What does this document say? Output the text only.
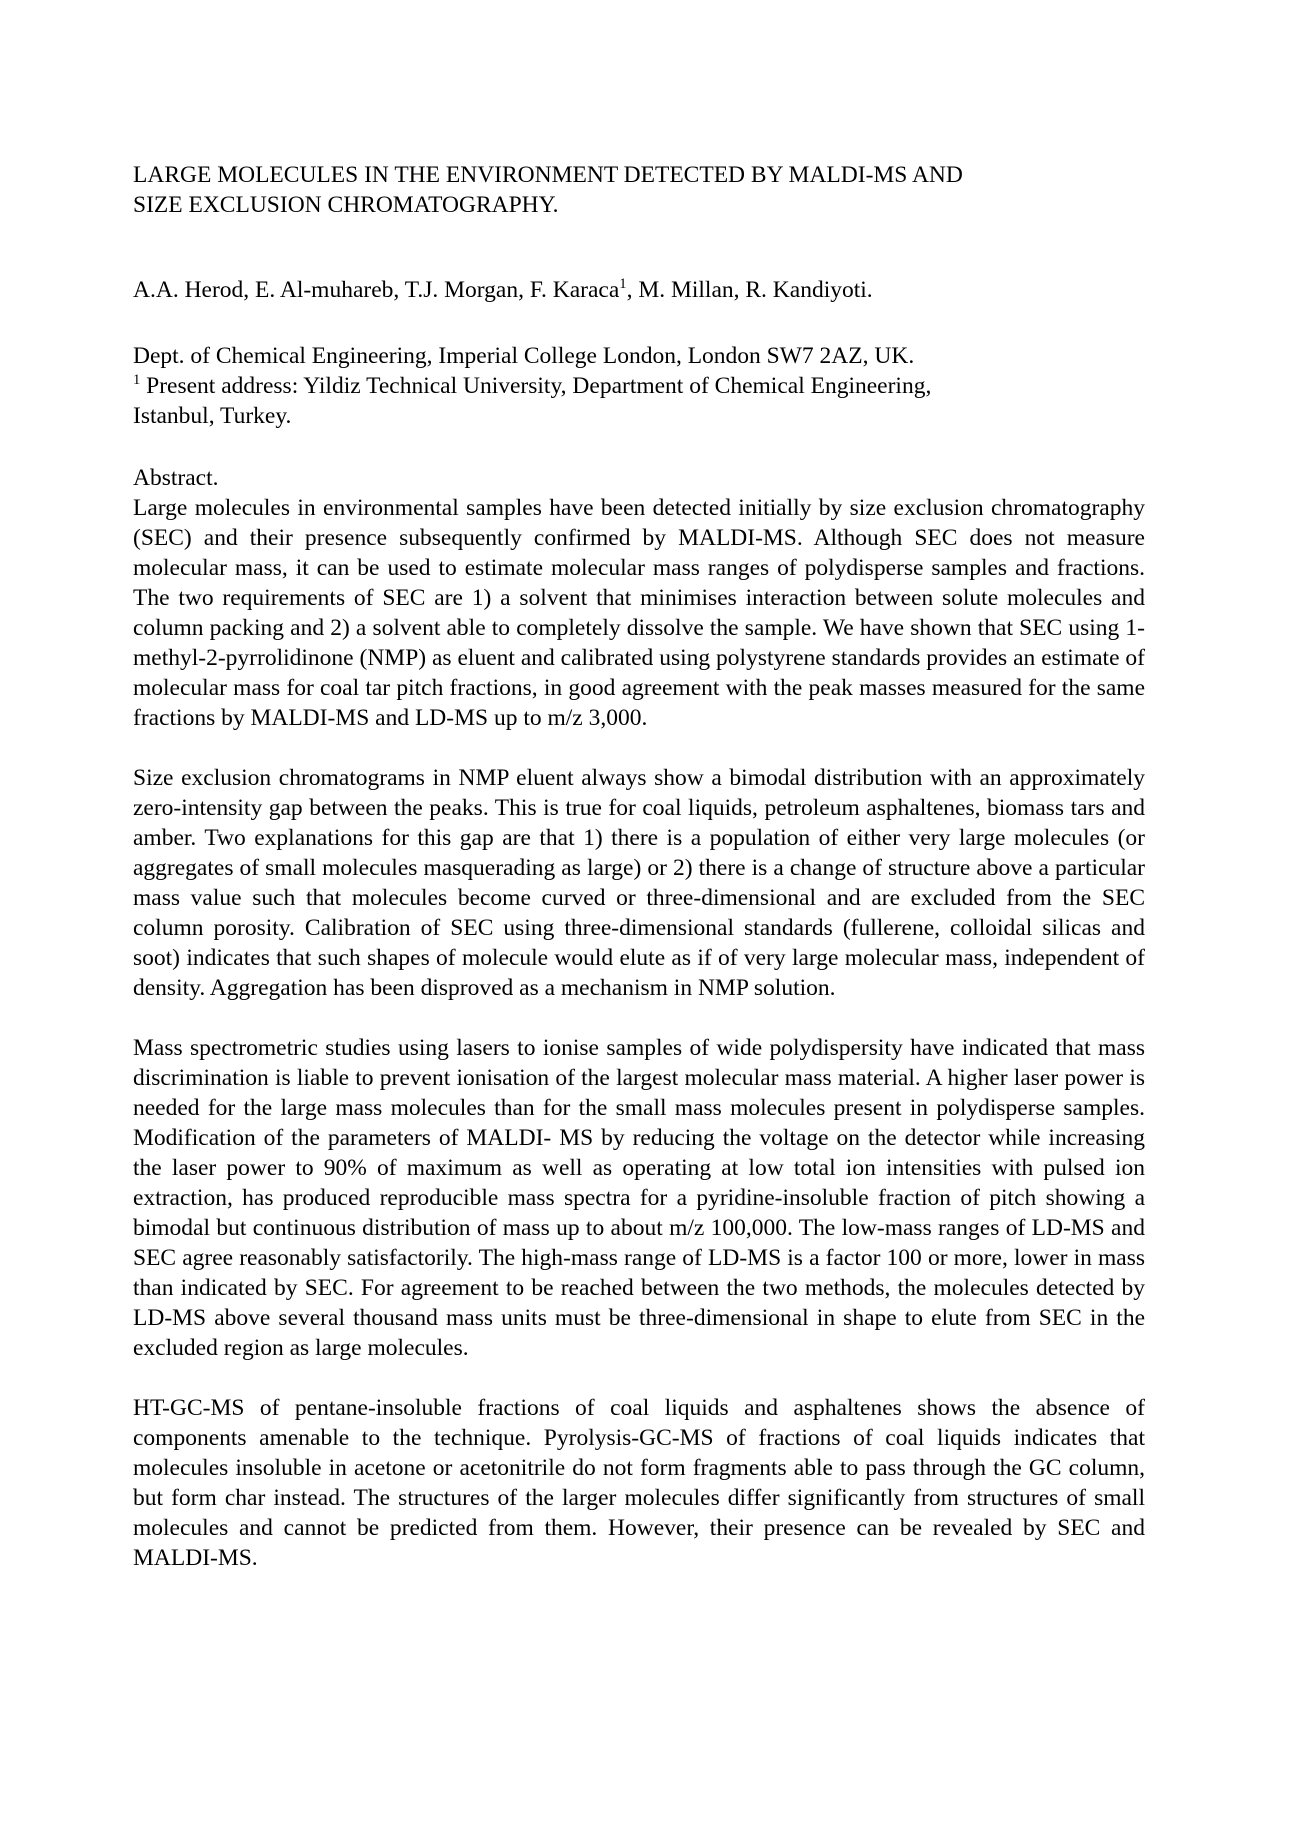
LARGE MOLECULES IN THE ENVIRONMENT DETECTED BY MALDI-MS AND
SIZE EXCLUSION CHROMATOGRAPHY.
A.A. Herod, E. Al-muhareb, T.J. Morgan, F. Karaca$^1$, M. Millan, R. Kandiyoti.
Dept. of Chemical Engineering, Imperial College London, London SW7 2AZ, UK.
$^1$ Present address: Yildiz Technical University, Department of Chemical Engineering,
Istanbul, Turkey.
Abstract.

Large molecules in environmental samples have been detected initially by size exclusion chromatography (SEC) and their presence subsequently confirmed by MALDI-MS. Although SEC does not measure molecular mass, it can be used to estimate molecular mass ranges of polydisperse samples and fractions. The two requirements of SEC are 1) a solvent that minimises interaction between solute molecules and column packing and 2) a solvent able to completely dissolve the sample. We have shown that SEC using 1-methyl-2-pyrrolidinone (NMP) as eluent and calibrated using polystyrene standards provides an estimate of molecular mass for coal tar pitch fractions, in good agreement with the peak masses measured for the same fractions by MALDI-MS and LD-MS up to m/z 3,000.

Size exclusion chromatograms in NMP eluent always show a bimodal distribution with an approximately zero-intensity gap between the peaks. This is true for coal liquids, petroleum asphaltenes, biomass tars and amber. Two explanations for this gap are that 1) there is a population of either very large molecules (or aggregates of small molecules masquerading as large) or 2) there is a change of structure above a particular mass value such that molecules become curved or three-dimensional and are excluded from the SEC column porosity. Calibration of SEC using three-dimensional standards (fullerene, colloidal silicas and soot) indicates that such shapes of molecule would elute as if of very large molecular mass, independent of density. Aggregation has been disproved as a mechanism in NMP solution.

Mass spectrometric studies using lasers to ionise samples of wide polydispersity have indicated that mass discrimination is liable to prevent ionisation of the largest molecular mass material. A higher laser power is needed for the large mass molecules than for the small mass molecules present in polydisperse samples. Modification of the parameters of MALDI- MS by reducing the voltage on the detector while increasing the laser power to 90% of maximum as well as operating at low total ion intensities with pulsed ion extraction, has produced reproducible mass spectra for a pyridine-insoluble fraction of pitch showing a bimodal but continuous distribution of mass up to about m/z 100,000. The low-mass ranges of LD-MS and SEC agree reasonably satisfactorily. The high-mass range of LD-MS is a factor 100 or more, lower in mass than indicated by SEC. For agreement to be reached between the two methods, the molecules detected by LD-MS above several thousand mass units must be three-dimensional in shape to elute from SEC in the excluded region as large molecules.

HT-GC-MS of pentane-insoluble fractions of coal liquids and asphaltenes shows the absence of components amenable to the technique. Pyrolysis-GC-MS of fractions of coal liquids indicates that molecules insoluble in acetone or acetonitrile do not form fragments able to pass through the GC column, but form char instead. The structures of the larger molecules differ significantly from structures of small molecules and cannot be predicted from them. However, their presence can be revealed by SEC and MALDI-MS.
